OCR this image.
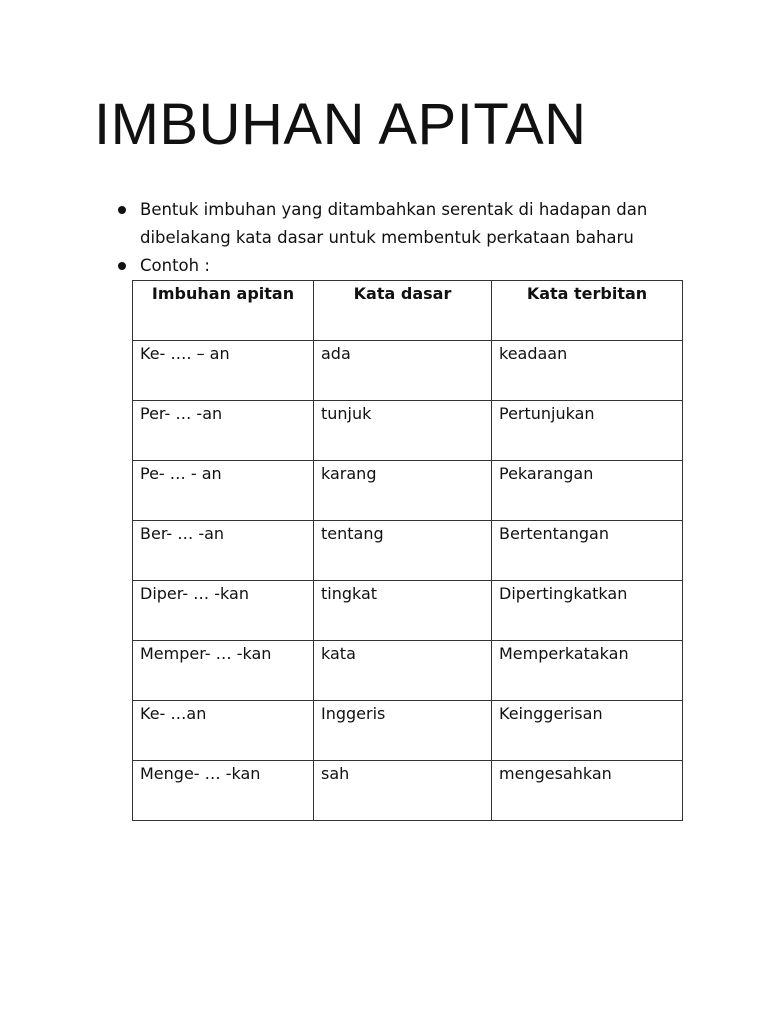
IMBUHAN APITAN
Bentuk imbuhan yang ditambahkan serentak di hadapan dan dibelakang kata dasar untuk membentuk perkataan baharu
Contoh :
Imbuhan apitan	Kata dasar	Kata terbitan
Ke- …. – an	ada	keadaan
Per- … -an	tunjuk	Pertunjukan
Pe- … - an	karang	Pekarangan
Ber- … -an	tentang	Bertentangan
Diper- … -kan	tingkat	Dipertingkatkan
Memper- … -kan	kata	Memperkatakan
Ke- …an	Inggeris	Keinggerisan
Menge- … -kan	sah	mengesahkan
